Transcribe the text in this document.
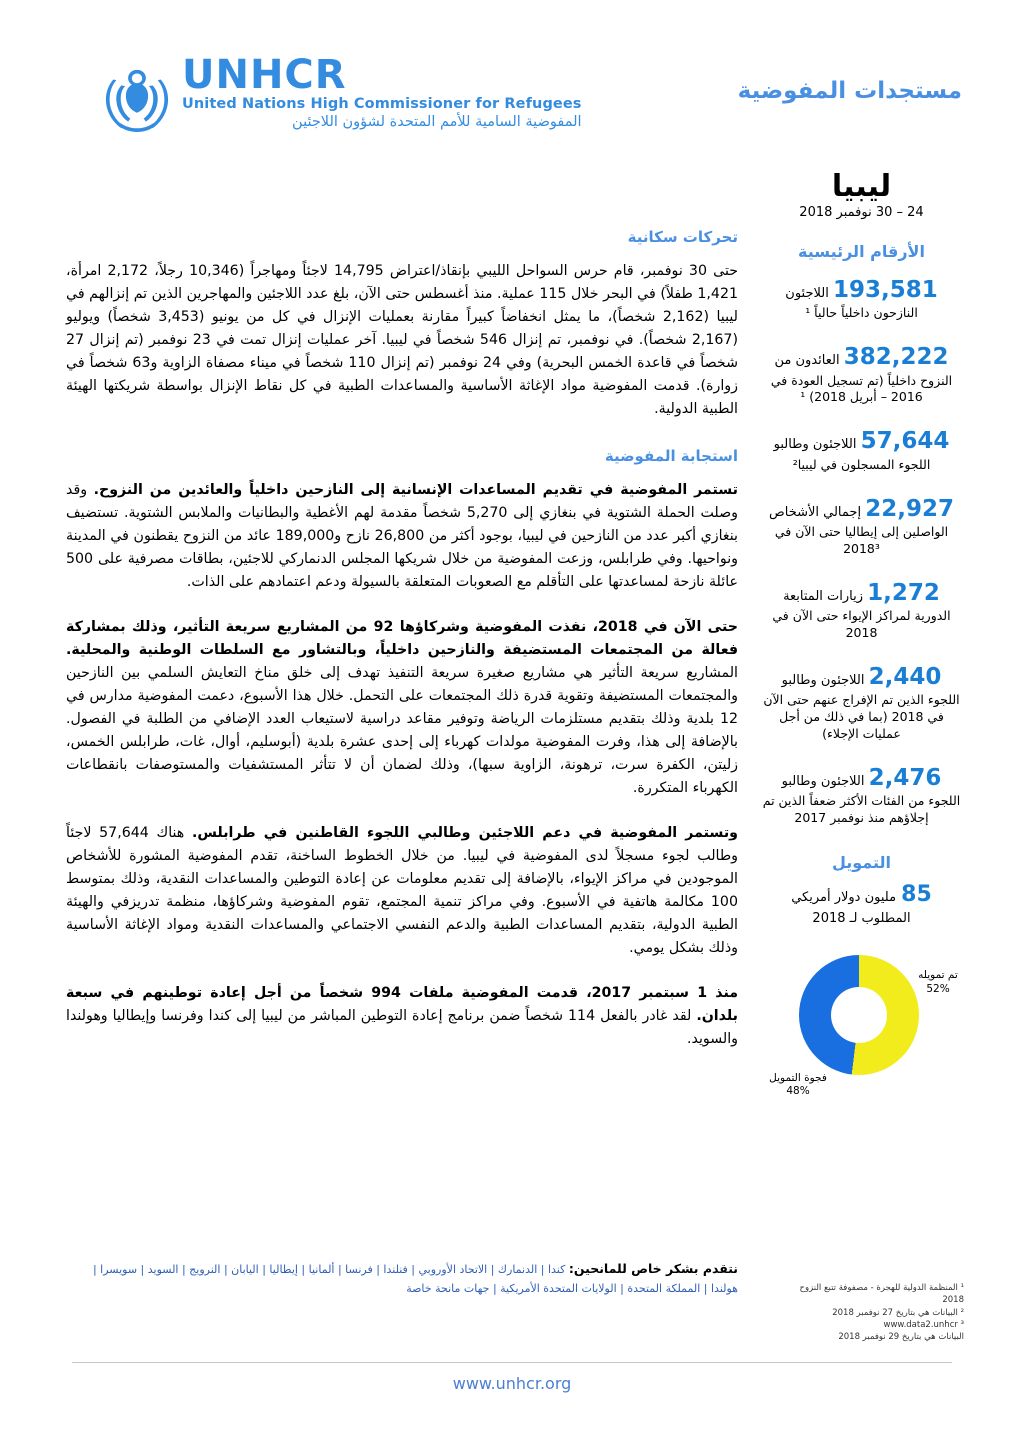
UNHCR
United Nations High Commissioner for Refugees
المفوضية السامية للأمم المتحدة لشؤون اللاجئين
مستجدات المفوضية
ليبيا
24 – 30 نوفمبر 2018
الأرقام الرئيسية
193,581 اللاجئون
النازحون داخلياً حالياً ¹
382,222 العائدون من
النزوح داخلياً (تم تسجيل العودة في 2016 – أبريل 2018) ¹
57,644 اللاجئون وطالبو
اللجوء المسجلون في ليبيا²
22,927 إجمالي الأشخاص
الواصلين إلى إيطاليا حتى الآن في 2018³
1,272 زيارات المتابعة
الدورية لمراكز الإيواء حتى الآن في 2018
2,440 اللاجئون وطالبو
اللجوء الذين تم الإفراج عنهم حتى الآن في 2018 (بما في ذلك من أجل عمليات الإجلاء)
2,476 اللاجئون وطالبو
اللجوء من الفئات الأكثر ضعفاً الذين تم إجلاؤهم منذ نوفمبر 2017
التمويل
85 مليون دولار أمريكي
المطلوب لـ 2018
تم تمويله
52%
فجوة التمويل
48%
¹ المنظمة الدولية للهجرة - مصفوفة تتبع النزوح
2018
² البيانات هي بتاريخ 27 نوفمبر 2018
³ www.data2.unhcr
البيانات هي بتاريخ 29 نوفمبر 2018
تحركات سكانية

حتى 30 نوفمبر، قام حرس السواحل الليبي بإنقاذ/اعتراض 14,795 لاجئاً ومهاجراً (10,346 رجلاً، 2,172 امرأة، 1,421 طفلاً) في البحر خلال 115 عملية. منذ أغسطس حتى الآن، بلغ عدد اللاجئين والمهاجرين الذين تم إنزالهم في ليبيا (2,162 شخصاً)، ما يمثل انخفاضاً كبيراً مقارنة بعمليات الإنزال في كل من يونيو (3,453 شخصاً) ويوليو (2,167 شخصاً). في نوفمبر، تم إنزال 546 شخصاً في ليبيا. آخر عمليات إنزال تمت في 23 نوفمبر (تم إنزال 27 شخصاً في قاعدة الخمس البحرية) وفي 24 نوفمبر (تم إنزال 110 شخصاً في ميناء مصفاة الزاوية و63 شخصاً في زوارة). قدمت المفوضية مواد الإغاثة الأساسية والمساعدات الطبية في كل نقاط الإنزال بواسطة شريكتها الهيئة الطبية الدولية.

استجابة المفوضية

تستمر المفوضية في تقديم المساعدات الإنسانية إلى النازحين داخلياً والعائدين من النزوح. وقد وصلت الحملة الشتوية في بنغازي إلى 5,270 شخصاً مقدمة لهم الأغطية والبطانيات والملابس الشتوية. تستضيف بنغازي أكبر عدد من النازحين في ليبيا، بوجود أكثر من 26,800 نازح و189,000 عائد من النزوح يقطنون في المدينة ونواحيها. وفي طرابلس، وزعت المفوضية من خلال شريكها المجلس الدنماركي للاجئين، بطاقات مصرفية على 500 عائلة نازحة لمساعدتها على التأقلم مع الصعوبات المتعلقة بالسيولة ودعم اعتمادهم على الذات.

حتى الآن في 2018، نفذت المفوضية وشركاؤها 92 من المشاريع سريعة التأثير، وذلك بمشاركة فعالة من المجتمعات المستضيفة والنازحين داخلياً، وبالتشاور مع السلطات الوطنية والمحلية. المشاريع سريعة التأثير هي مشاريع صغيرة سريعة التنفيذ تهدف إلى خلق مناخ التعايش السلمي بين النازحين والمجتمعات المستضيفة وتقوية قدرة ذلك المجتمعات على التحمل. خلال هذا الأسبوع، دعمت المفوضية مدارس في 12 بلدية وذلك بتقديم مستلزمات الرياضة وتوفير مقاعد دراسية لاستيعاب العدد الإضافي من الطلبة في الفصول. بالإضافة إلى هذا، وفرت المفوضية مولدات كهرباء إلى إحدى عشرة بلدية (أبوسليم، أوال، غات، طرابلس الخمس، زليتن، الكفرة سرت، ترهونة، الزاوية سبها)، وذلك لضمان أن لا تتأثر المستشفيات والمستوصفات بانقطاعات الكهرباء المتكررة.

وتستمر المفوضية في دعم اللاجئين وطالبي اللجوء القاطنين في طرابلس. هناك 57,644 لاجئاً وطالب لجوء مسجلاً لدى المفوضية في ليبيا. من خلال الخطوط الساخنة، تقدم المفوضية المشورة للأشخاص الموجودين في مراكز الإيواء، بالإضافة إلى تقديم معلومات عن إعادة التوطين والمساعدات النقدية، وذلك بمتوسط 100 مكالمة هاتفية في الأسبوع. وفي مراكز تنمية المجتمع، تقوم المفوضية وشركاؤها، منظمة تدريزفي والهيئة الطبية الدولية، بتقديم المساعدات الطبية والدعم النفسي الاجتماعي والمساعدات النقدية ومواد الإغاثة الأساسية وذلك بشكل يومي.

منذ 1 سبتمبر 2017، قدمت المفوضية ملفات 994 شخصاً من أجل إعادة توطينهم في سبعة بلدان. لقد غادر بالفعل 114 شخصاً ضمن برنامج إعادة التوطين المباشر من ليبيا إلى كندا وفرنسا وإيطاليا وهولندا والسويد.

نتقدم بشكر خاص للمانحين: كندا | الدنمارك | الاتحاد الأوروبي | فنلندا | فرنسا | ألمانيا | إيطاليا | اليابان | النرويج | السويد | سويسرا | هولندا | المملكة المتحدة | الولايات المتحدة الأمريكية | جهات مانحة خاصة
www.unhcr.org
